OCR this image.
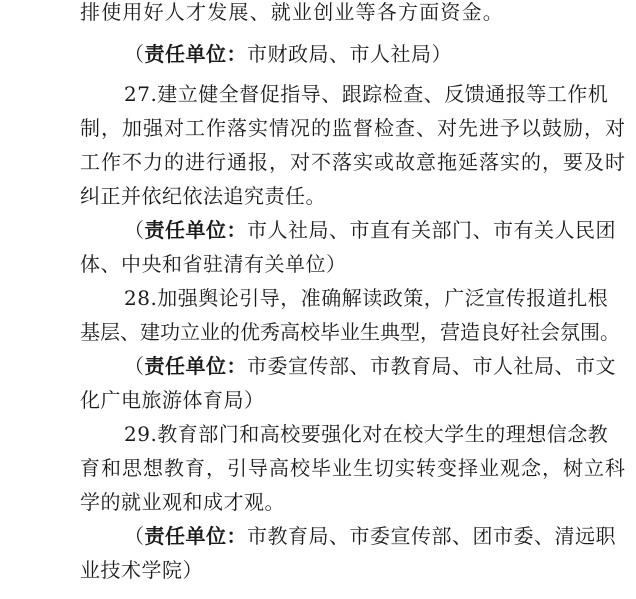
排使用好人才发展、就业创业等各方面资金。
（责任单位：市财政局、市人社局）
27.建立健全督促指导、跟踪检查、反馈通报等工作机
制，加强对工作落实情况的监督检查、对先进予以鼓励，对
工作不力的进行通报，对不落实或故意拖延落实的，要及时
纠正并依纪依法追究责任。
（责任单位：市人社局、市直有关部门、市有关人民团
体、中央和省驻清有关单位）
28.加强舆论引导，准确解读政策，广泛宣传报道扎根
基层、建功立业的优秀高校毕业生典型，营造良好社会氛围。
（责任单位：市委宣传部、市教育局、市人社局、市文
化广电旅游体育局）
29.教育部门和高校要强化对在校大学生的理想信念教
育和思想教育，引导高校毕业生切实转变择业观念，树立科
学的就业观和成才观。
（责任单位：市教育局、市委宣传部、团市委、清远职
业技术学院）
